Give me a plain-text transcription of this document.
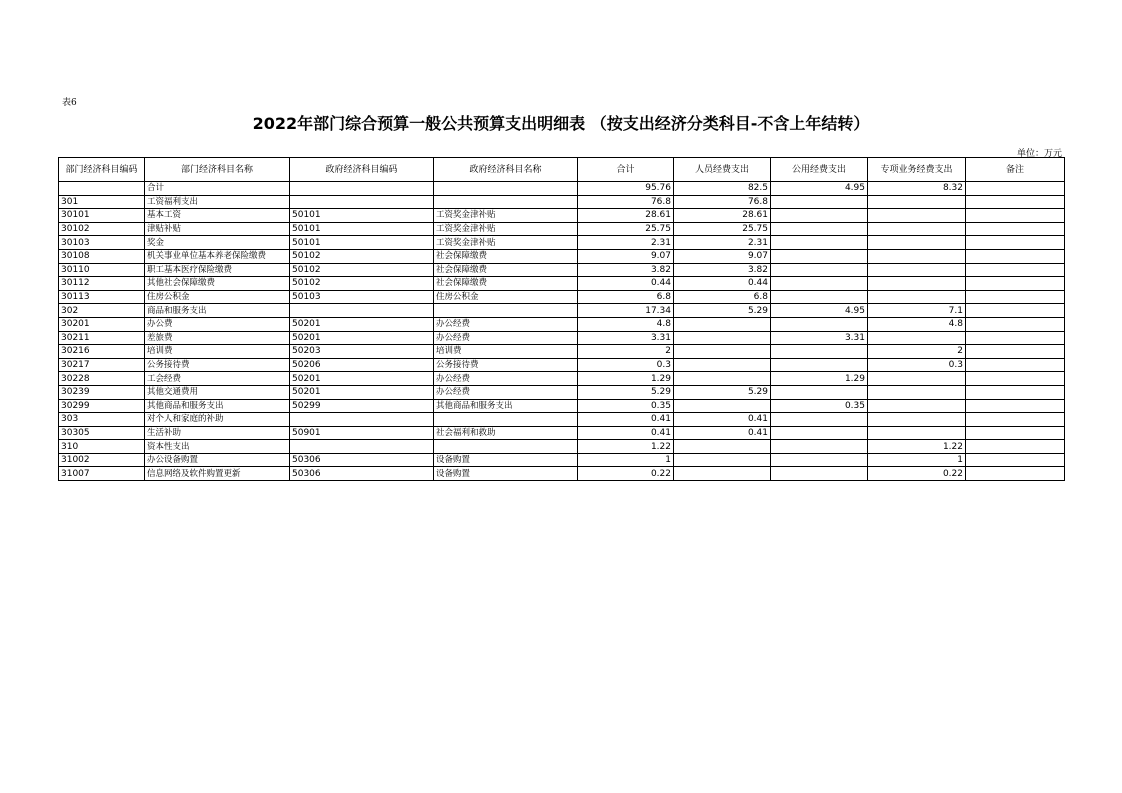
表6
2022年部门综合预算一般公共预算支出明细表 （按支出经济分类科目-不含上年结转）
单位：万元
部门经济科目编码	部门经济科目名称	政府经济科目编码	政府经济科目名称	合计	人员经费支出	公用经费支出	专项业务经费支出	备注
	合计			95.76	82.5	4.95	8.32	
301	工资福利支出			76.8	76.8			
30101	基本工资	50101	工资奖金津补贴	28.61	28.61			
30102	津贴补贴	50101	工资奖金津补贴	25.75	25.75			
30103	奖金	50101	工资奖金津补贴	2.31	2.31			
30108	机关事业单位基本养老保险缴费	50102	社会保障缴费	9.07	9.07			
30110	职工基本医疗保险缴费	50102	社会保障缴费	3.82	3.82			
30112	其他社会保障缴费	50102	社会保障缴费	0.44	0.44			
30113	住房公积金	50103	住房公积金	6.8	6.8			
302	商品和服务支出			17.34	5.29	4.95	7.1	
30201	办公费	50201	办公经费	4.8			4.8	
30211	差旅费	50201	办公经费	3.31		3.31		
30216	培训费	50203	培训费	2			2	
30217	公务接待费	50206	公务接待费	0.3			0.3	
30228	工会经费	50201	办公经费	1.29		1.29		
30239	其他交通费用	50201	办公经费	5.29	5.29			
30299	其他商品和服务支出	50299	其他商品和服务支出	0.35		0.35		
303	对个人和家庭的补助			0.41	0.41			
30305	生活补助	50901	社会福利和救助	0.41	0.41			
310	资本性支出			1.22			1.22	
31002	办公设备购置	50306	设备购置	1			1	
31007	信息网络及软件购置更新	50306	设备购置	0.22			0.22	
